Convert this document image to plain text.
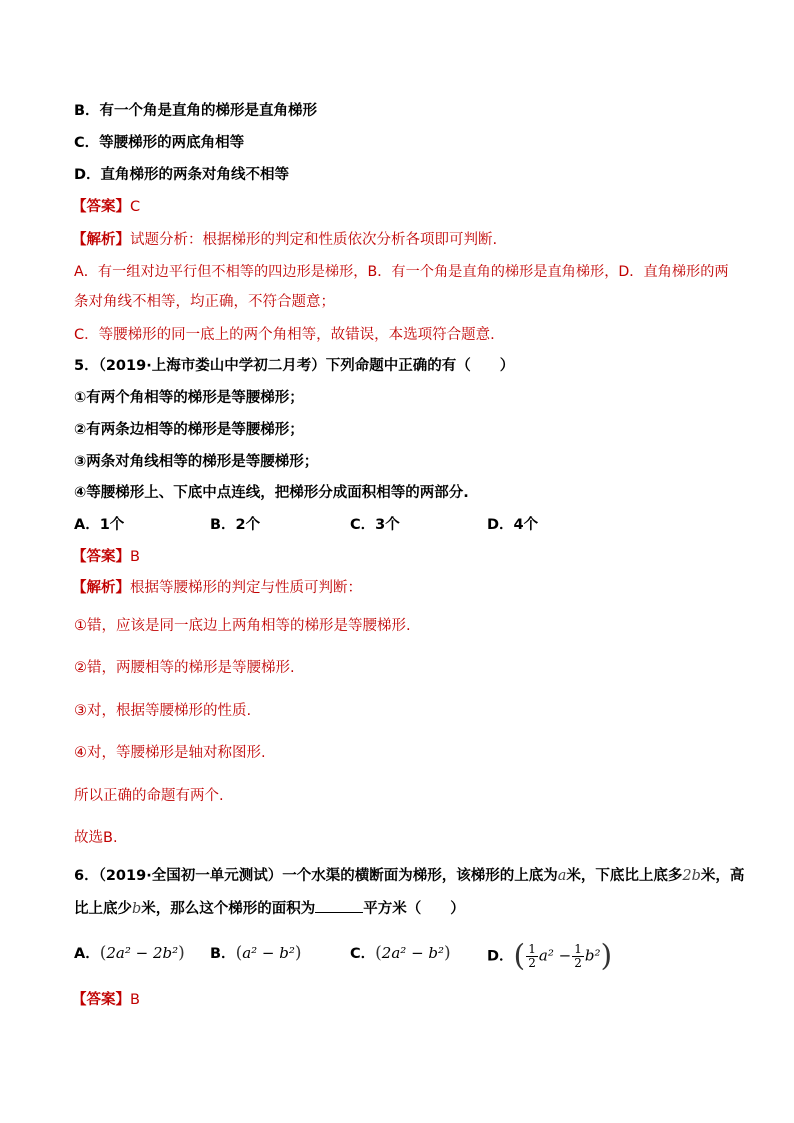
B．有一个角是直角的梯形是直角梯形
C．等腰梯形的两底角相等
D．直角梯形的两条对角线不相等
【答案】C
【解析】试题分析：根据梯形的判定和性质依次分析各项即可判断.
A．有一组对边平行但不相等的四边形是梯形，B．有一个角是直角的梯形是直角梯形，D．直角梯形的两
条对角线不相等，均正确，不符合题意；
C．等腰梯形的同一底上的两个角相等，故错误，本选项符合题意.
5．（2019·上海市娄山中学初二月考）下列命题中正确的有（　　）
①有两个角相等的梯形是等腰梯形；
②有两条边相等的梯形是等腰梯形；
③两条对角线相等的梯形是等腰梯形；
④等腰梯形上、下底中点连线，把梯形分成面积相等的两部分.
A．1个	B．2个	C．3个	D．4个
【答案】B
【解析】根据等腰梯形的判定与性质可判断：
①错，应该是同一底边上两角相等的梯形是等腰梯形.
②错，两腰相等的梯形是等腰梯形.
③对，根据等腰梯形的性质.
④对，等腰梯形是轴对称图形.
所以正确的命题有两个.
故选B.
6．（2019·全国初一单元测试）一个水渠的横断面为梯形，该梯形的上底为a米，下底比上底多2b米，高
比上底少b米，那么这个梯形的面积为	平方米（　　）
A．(2a² − 2b²) B．(a² − b²)	C．(2a² − b²)	D．( $\frac{1}{2} a^2 - \frac{1}{2} b^2$)
【答案】B
